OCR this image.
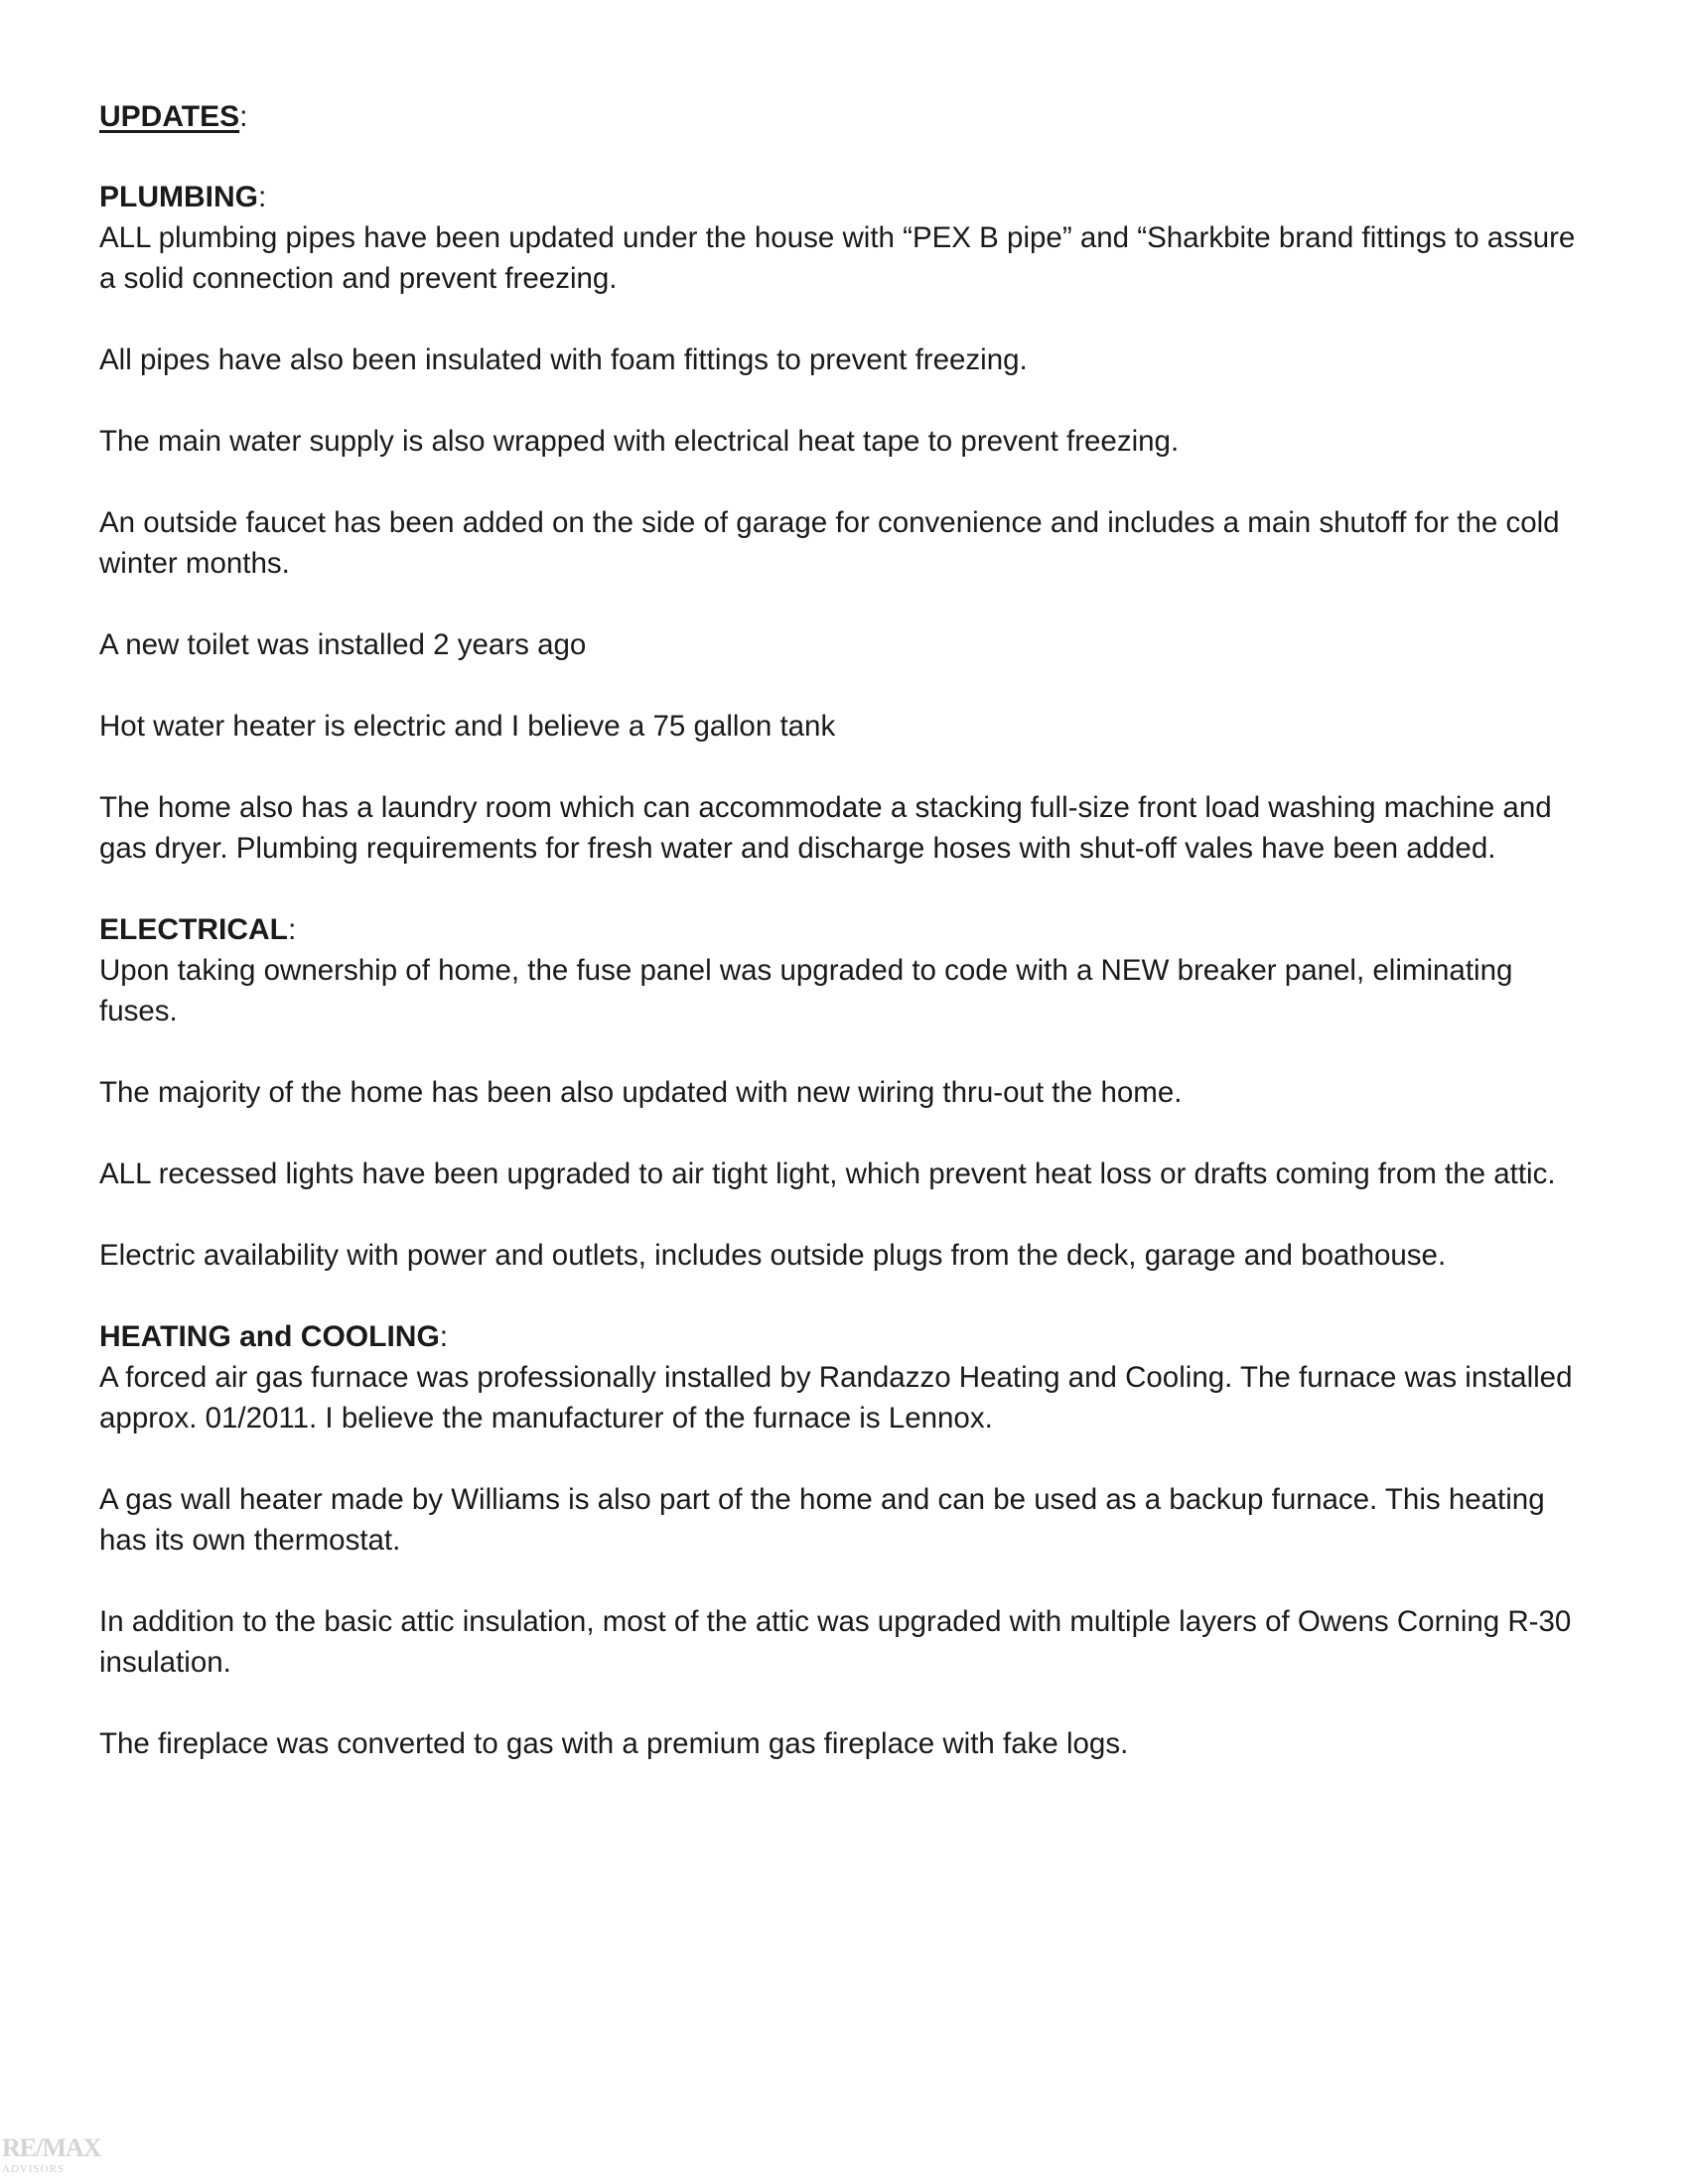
UPDATES:
PLUMBING:

ALL plumbing pipes have been updated under the house with “PEX B pipe” and “Sharkbite brand fittings to assure a solid connection and prevent freezing.

All pipes have also been insulated with foam fittings to prevent freezing.

The main water supply is also wrapped with electrical heat tape to prevent freezing.

An outside faucet has been added on the side of garage for convenience and includes a main shutoff for the cold winter months.

A new toilet was installed 2 years ago

Hot water heater is electric and I believe a 75 gallon tank

The home also has a laundry room which can accommodate a stacking full-size front load washing machine and gas dryer. Plumbing requirements for fresh water and discharge hoses with shut-off vales have been added.

ELECTRICAL:

Upon taking ownership of home, the fuse panel was upgraded to code with a NEW breaker panel, eliminating fuses.

The majority of the home has been also updated with new wiring thru-out the home.

ALL recessed lights have been upgraded to air tight light, which prevent heat loss or drafts coming from the attic.

Electric availability with power and outlets, includes outside plugs from the deck, garage and boathouse.

HEATING and COOLING:

A forced air gas furnace was professionally installed by Randazzo Heating and Cooling. The furnace was installed approx. 01/2011. I believe the manufacturer of the furnace is Lennox.

A gas wall heater made by Williams is also part of the home and can be used as a backup furnace. This heating has its own thermostat.

In addition to the basic attic insulation, most of the attic was upgraded with multiple layers of Owens Corning R-30 insulation.

The fireplace was converted to gas with a premium gas fireplace with fake logs.

RE/MAX
ADVISORS
